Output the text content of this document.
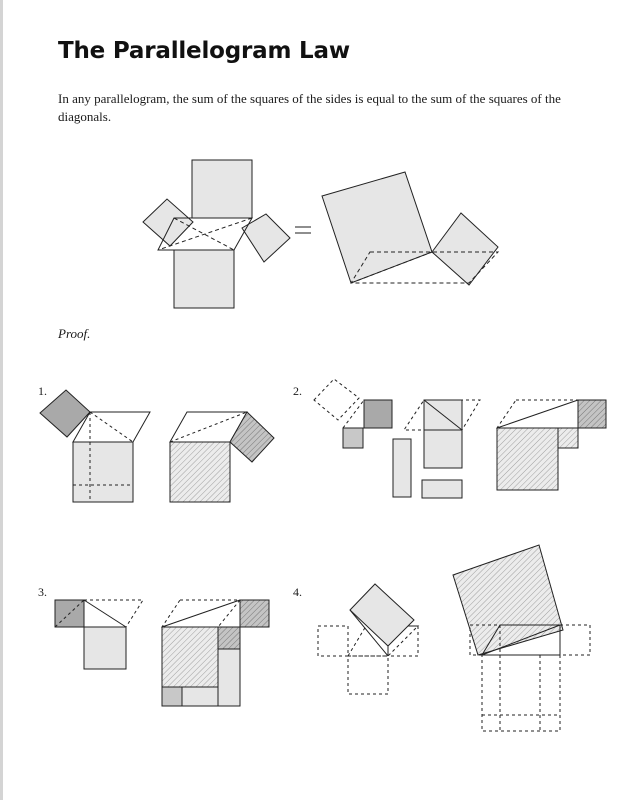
The Parallelogram Law
In any parallelogram, the sum of the squares of the sides is equal to the sum of the squares of the diagonals.
Proof.
1.	2.
3.	4.
